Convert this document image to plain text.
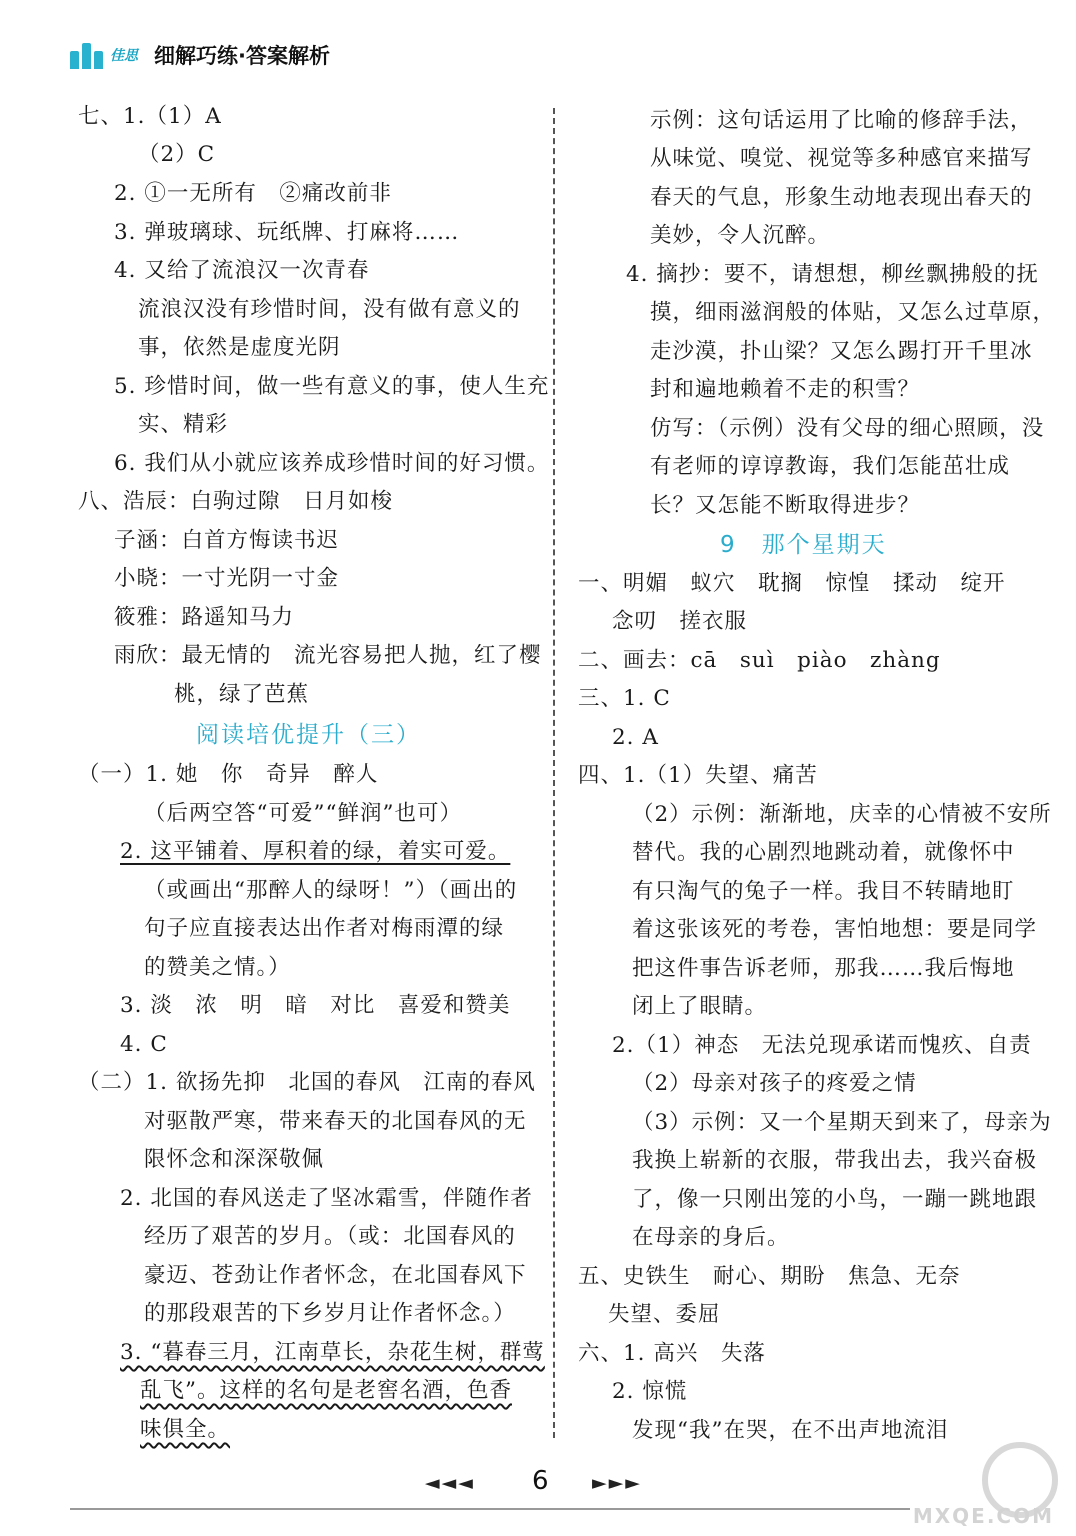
佳思 细解巧练·答案解析
七、1.（1）A
（2）C
2. ①一无所有　②痛改前非
3. 弹玻璃球、玩纸牌、打麻将……
4. 又给了流浪汉一次青春
流浪汉没有珍惜时间，没有做有意义的
事，依然是虚度光阴
5. 珍惜时间，做一些有意义的事，使人生充
实、精彩
6. 我们从小就应该养成珍惜时间的好习惯。
八、浩辰：白驹过隙　日月如梭
子涵：白首方悔读书迟
小晓：一寸光阴一寸金
筱雅：路遥知马力
雨欣：最无情的　流光容易把人抛，红了樱
桃，绿了芭蕉
阅读培优提升（三）
（一）1. 她　你　奇异　醉人
（后两空答“可爱”“鲜润”也可）
2. 这平铺着、厚积着的绿，着实可爱。
（或画出“那醉人的绿呀！”）（画出的
句子应直接表达出作者对梅雨潭的绿
的赞美之情。）
3. 淡　浓　明　暗　对比　喜爱和赞美
4. C
（二）1. 欲扬先抑　北国的春风　江南的春风
对驱散严寒，带来春天的北国春风的无
限怀念和深深敬佩
2. 北国的春风送走了坚冰霜雪，伴随作者
经历了艰苦的岁月。（或：北国春风的
豪迈、苍劲让作者怀念，在北国春风下
的那段艰苦的下乡岁月让作者怀念。）
3. “暮春三月，江南草长，杂花生树，群莺
乱飞”。这样的名句是老窖名酒，色香
味俱全。
示例：这句话运用了比喻的修辞手法，
从味觉、嗅觉、视觉等多种感官来描写
春天的气息，形象生动地表现出春天的
美妙，令人沉醉。
4. 摘抄：要不，请想想，柳丝飘拂般的抚
摸，细雨滋润般的体贴，又怎么过草原，
走沙漠，扑山梁？又怎么踢打开千里冰
封和遍地赖着不走的积雪？
仿写：（示例）没有父母的细心照顾，没
有老师的谆谆教诲，我们怎能茁壮成
长？又怎能不断取得进步？
9　那个星期天
一、明媚　蚁穴　耽搁　惊惶　揉动　绽开
念叨　搓衣服
二、画去：cā　suì　piào　zhàng
三、1. C
2. A
四、1.（1）失望、痛苦
（2）示例：渐渐地，庆幸的心情被不安所
替代。我的心剧烈地跳动着，就像怀中
有只淘气的兔子一样。我目不转睛地盯
着这张该死的考卷，害怕地想：要是同学
把这件事告诉老师，那我……我后悔地
闭上了眼睛。
2.（1）神态　无法兑现承诺而愧疚、自责
（2）母亲对孩子的疼爱之情
（3）示例：又一个星期天到来了，母亲为
我换上崭新的衣服，带我出去，我兴奋极
了，像一只刚出笼的小鸟，一蹦一跳地跟
在母亲的身后。
五、史铁生　耐心、期盼　焦急、无奈
失望、委屈
六、1. 高兴　失落
2. 惊慌
发现“我”在哭，在不出声地流泪
◄◄◄ 6 ►►►
MXQE.COM
